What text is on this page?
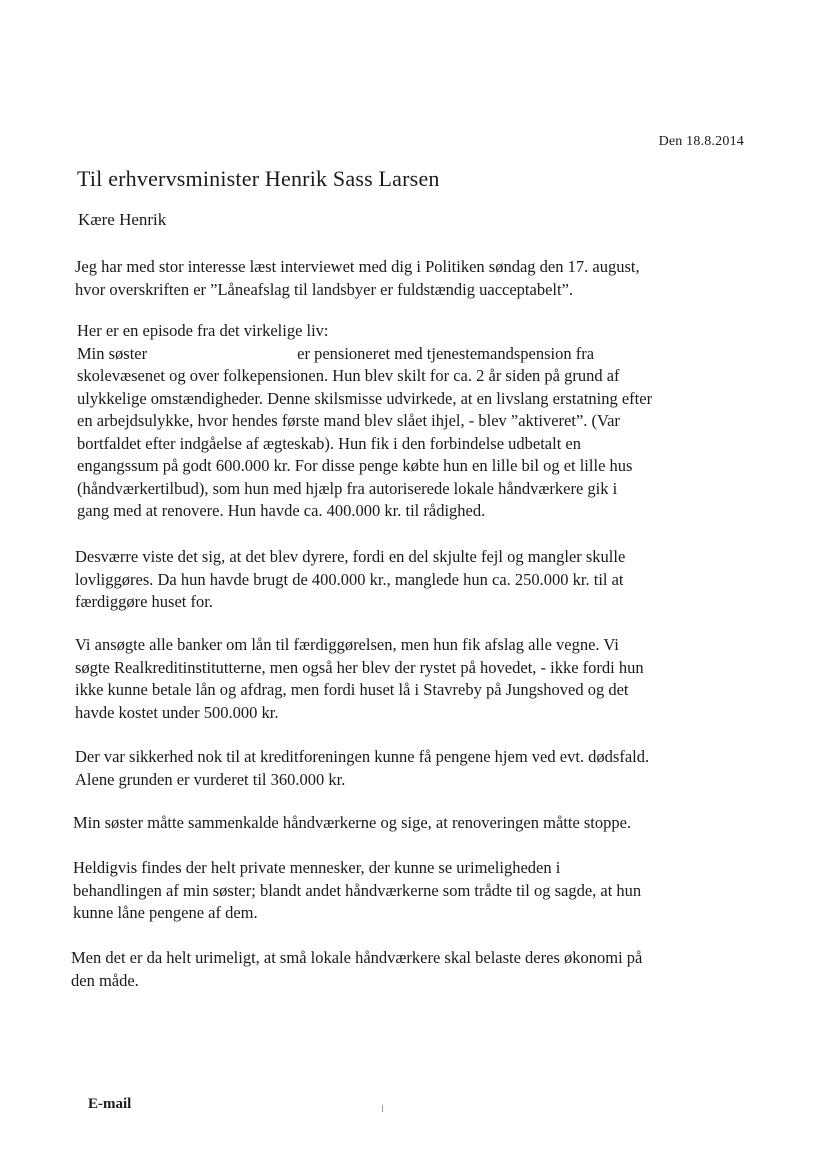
Den 18.8.2014
Til erhvervsminister Henrik Sass Larsen
Kære Henrik
Jeg har med stor interesse læst interviewet med dig i Politiken søndag den 17. august,
hvor overskriften er ”Låneafslag til landsbyer er fuldstændig uacceptabelt”.
Her er en episode fra det virkelige liv:
Min søster	er pensioneret med tjenestemandspension fra
skolevæsenet og over folkepensionen. Hun blev skilt for ca. 2 år siden på grund af
ulykkelige omstændigheder. Denne skilsmisse udvirkede, at en livslang erstatning efter
en arbejdsulykke, hvor hendes første mand blev slået ihjel, - blev ”aktiveret”. (Var
bortfaldet efter indgåelse af ægteskab). Hun fik i den forbindelse udbetalt en
engangssum på godt 600.000 kr. For disse penge købte hun en lille bil og et lille hus
(håndværkertilbud), som hun med hjælp fra autoriserede lokale håndværkere gik i
gang med at renovere. Hun havde ca. 400.000 kr. til rådighed.
Desværre viste det sig, at det blev dyrere, fordi en del skjulte fejl og mangler skulle
lovliggøres. Da hun havde brugt de 400.000 kr., manglede hun ca. 250.000 kr. til at
færdiggøre huset for.
Vi ansøgte alle banker om lån til færdiggørelsen, men hun fik afslag alle vegne. Vi
søgte Realkreditinstitutterne, men også her blev der rystet på hovedet, - ikke fordi hun
ikke kunne betale lån og afdrag, men fordi huset lå i Stavreby på Jungshoved og det
havde kostet under 500.000 kr.
Der var sikkerhed nok til at kreditforeningen kunne få pengene hjem ved evt. dødsfald.
Alene grunden er vurderet til 360.000 kr.
Min søster måtte sammenkalde håndværkerne og sige, at renoveringen måtte stoppe.
Heldigvis findes der helt private mennesker, der kunne se urimeligheden i
behandlingen af min søster; blandt andet håndværkerne som trådte til og sagde, at hun
kunne låne pengene af dem.
Men det er da helt urimeligt, at små lokale håndværkere skal belaste deres økonomi på
den måde.
E-mail
